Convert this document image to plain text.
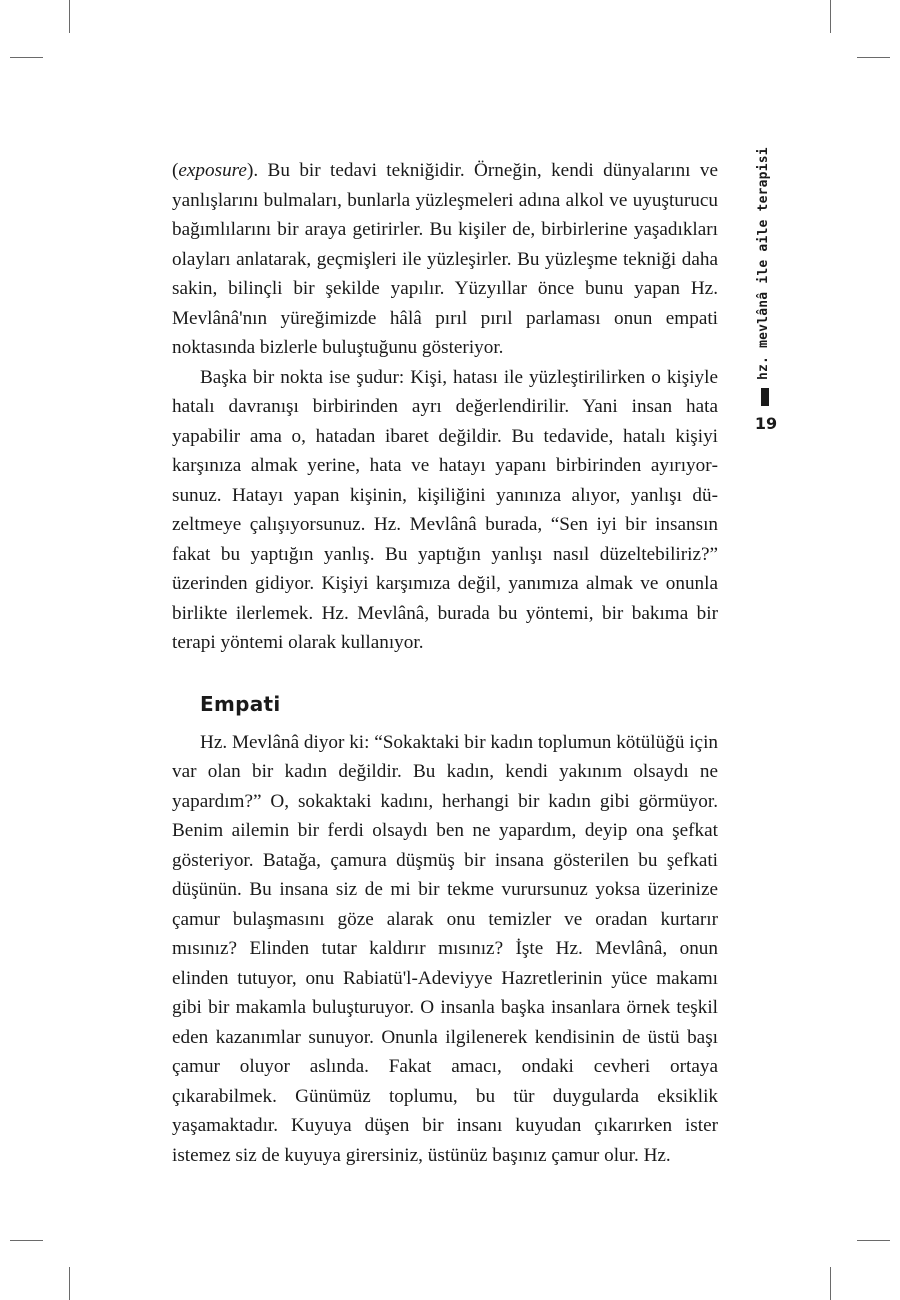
(exposure). Bu bir tedavi tekniğidir. Örneğin, kendi dünyalarını ve yanlışlarını bulmaları, bunlarla yüzleşmeleri adına alkol ve uyuşturucu bağımlılarını bir araya getirirler. Bu kişiler de, birbirlerine yaşadıkları olayları anlatarak, geçmişleri ile yüzleşirler. Bu yüzleşme tekniği daha sakin, bilinçli bir şekilde yapılır. Yüzyıllar önce bunu yapan Hz. Mevlânâ'nın yüreğimizde hâlâ pırıl pırıl parlaması onun empati noktasında bizlerle buluştuğunu gösteriyor.

Başka bir nokta ise şudur: Kişi, hatası ile yüzleştirilirken o kişiyle hatalı davranışı birbirinden ayrı değerlendirilir. Yani insan hata yapabilir ama o, hatadan ibaret değildir. Bu tedavide, hatalı kişiyi karşınıza almak yerine, hata ve hatayı yapanı birbirinden ayırıyorsunuz. Hatayı yapan kişinin, kişiliğini yanınıza alıyor, yanlışı düzeltmeye çalışıyorsunuz. Hz. Mevlânâ burada, “Sen iyi bir insansın fakat bu yaptığın yanlış. Bu yaptığın yanlışı nasıl düzeltebiliriz?” üzerinden gidiyor. Kişiyi karşımıza değil, yanımıza almak ve onunla birlikte ilerlemek. Hz. Mevlânâ, burada bu yöntemi, bir bakıma bir terapi yöntemi olarak kullanıyor.

Empati

Hz. Mevlânâ diyor ki: “Sokaktaki bir kadın toplumun kötülüğü için var olan bir kadın değildir. Bu kadın, kendi yakınım olsaydı ne yapardım?” O, sokaktaki kadını, herhangi bir kadın gibi görmüyor. Benim ailemin bir ferdi olsaydı ben ne yapardım, deyip ona şefkat gösteriyor. Batağa, çamura düşmüş bir insana gösterilen bu şefkati düşünün. Bu insana siz de mi bir tekme vurursunuz yoksa üzerinize çamur bulaşmasını göze alarak onu temizler ve oradan kurtarır mısınız? Elinden tutar kaldırır mısınız? İşte Hz. Mevlânâ, onun elinden tutuyor, onu Rabiatü'l-Adeviyye Hazretlerinin yüce makamı gibi bir makamla buluşturuyor. O insanla başka insanlara örnek teşkil eden kazanımlar sunuyor. Onunla ilgilenerek kendisinin de üstü başı çamur oluyor aslında. Fakat amacı, ondaki cevheri ortaya çıkarabilmek. Günümüz toplumu, bu tür duygularda eksiklik yaşamaktadır. Kuyuya düşen bir insanı kuyudan çıkarırken ister istemez siz de kuyuya girersiniz, üstünüz başınız çamur olur. Hz.

hz. mevlânâ ile aile terapisi
19
